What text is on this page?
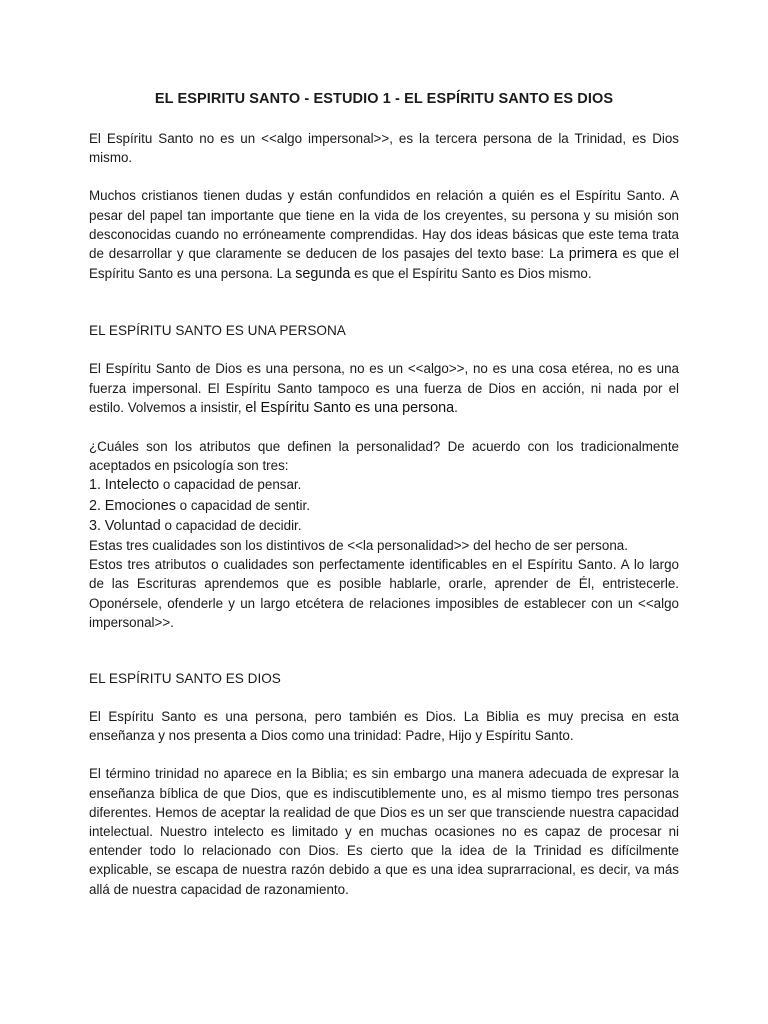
EL ESPIRITU SANTO - ESTUDIO 1 - EL ESPÍRITU SANTO ES DIOS

El Espíritu Santo no es un <<algo impersonal>>, es la tercera persona de la Trinidad, es Dios mismo.

Muchos cristianos tienen dudas y están confundidos en relación a quién es el Espíritu Santo. A pesar del papel tan importante que tiene en la vida de los creyentes, su persona y su misión son desconocidas cuando no erróneamente comprendidas. Hay dos ideas básicas que este tema trata de desarrollar y que claramente se deducen de los pasajes del texto base: La primera es que el Espíritu Santo es una persona. La segunda es que el Espíritu Santo es Dios mismo.

EL ESPÍRITU SANTO ES UNA PERSONA

El Espíritu Santo de Dios es una persona, no es un <<algo>>, no es una cosa etérea, no es una fuerza impersonal. El Espíritu Santo tampoco es una fuerza de Dios en acción, ni nada por el estilo. Volvemos a insistir, el Espíritu Santo es una persona.

¿Cuáles son los atributos que definen la personalidad? De acuerdo con los tradicionalmente aceptados en psicología son tres:

1. Intelecto o capacidad de pensar.

2. Emociones o capacidad de sentir.

3. Voluntad o capacidad de decidir.

Estas tres cualidades son los distintivos de <<la personalidad>> del hecho de ser persona.

Estos tres atributos o cualidades son perfectamente identificables en el Espíritu Santo. A lo largo de las Escrituras aprendemos que es posible hablarle, orarle, aprender de Él, entristecerle. Oponérsele, ofenderle y un largo etcétera de relaciones imposibles de establecer con un <<algo impersonal>>.

EL ESPÍRITU SANTO ES DIOS

El Espíritu Santo es una persona, pero también es Dios. La Biblia es muy precisa en esta enseñanza y nos presenta a Dios como una trinidad: Padre, Hijo y Espíritu Santo.

El término trinidad no aparece en la Biblia; es sin embargo una manera adecuada de expresar la enseñanza bíblica de que Dios, que es indiscutiblemente uno, es al mismo tiempo tres personas diferentes. Hemos de aceptar la realidad de que Dios es un ser que transciende nuestra capacidad intelectual. Nuestro intelecto es limitado y en muchas ocasiones no es capaz de procesar ni entender todo lo relacionado con Dios. Es cierto que la idea de la Trinidad es difícilmente explicable, se escapa de nuestra razón debido a que es una idea suprarracional, es decir, va más allá de nuestra capacidad de razonamiento.
